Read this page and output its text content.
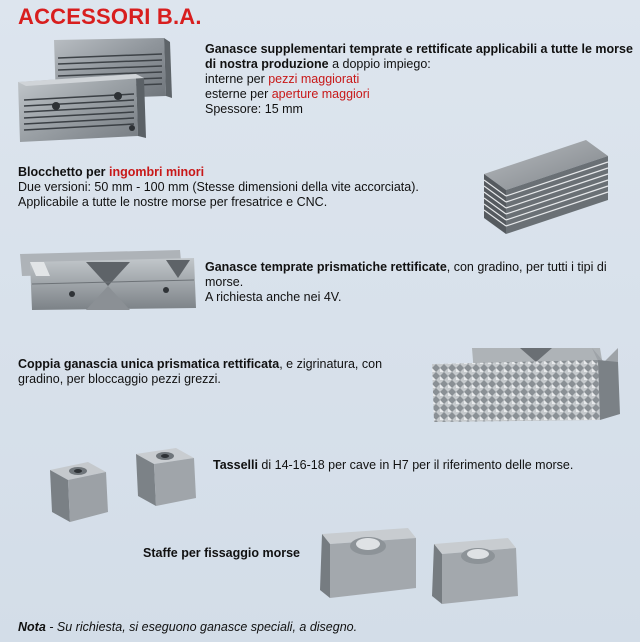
ACCESSORI B.A.
Ganasce supplementari temprate e rettificate applicabili a tutte le morse di nostra produzione a doppio impiego:
interne per pezzi maggiorati
esterne per aperture maggiori
Spessore: 15 mm
Blocchetto per ingombri minori
Due versioni: 50 mm - 100 mm (Stesse dimensioni della vite accorciata).
Applicabile a tutte le nostre morse per fresatrice e CNC.
Ganasce temprate prismatiche rettificate, con gradino, per tutti i tipi di morse.
A richiesta anche nei 4V.
Coppia ganascia unica prismatica rettificata, e zigrinatura, con
gradino, per bloccaggio pezzi grezzi.
Tasselli di 14-16-18 per cave in H7 per il riferimento delle morse.
Staffe per fissaggio morse
Nota - Su richiesta, si eseguono ganasce speciali, a disegno.
